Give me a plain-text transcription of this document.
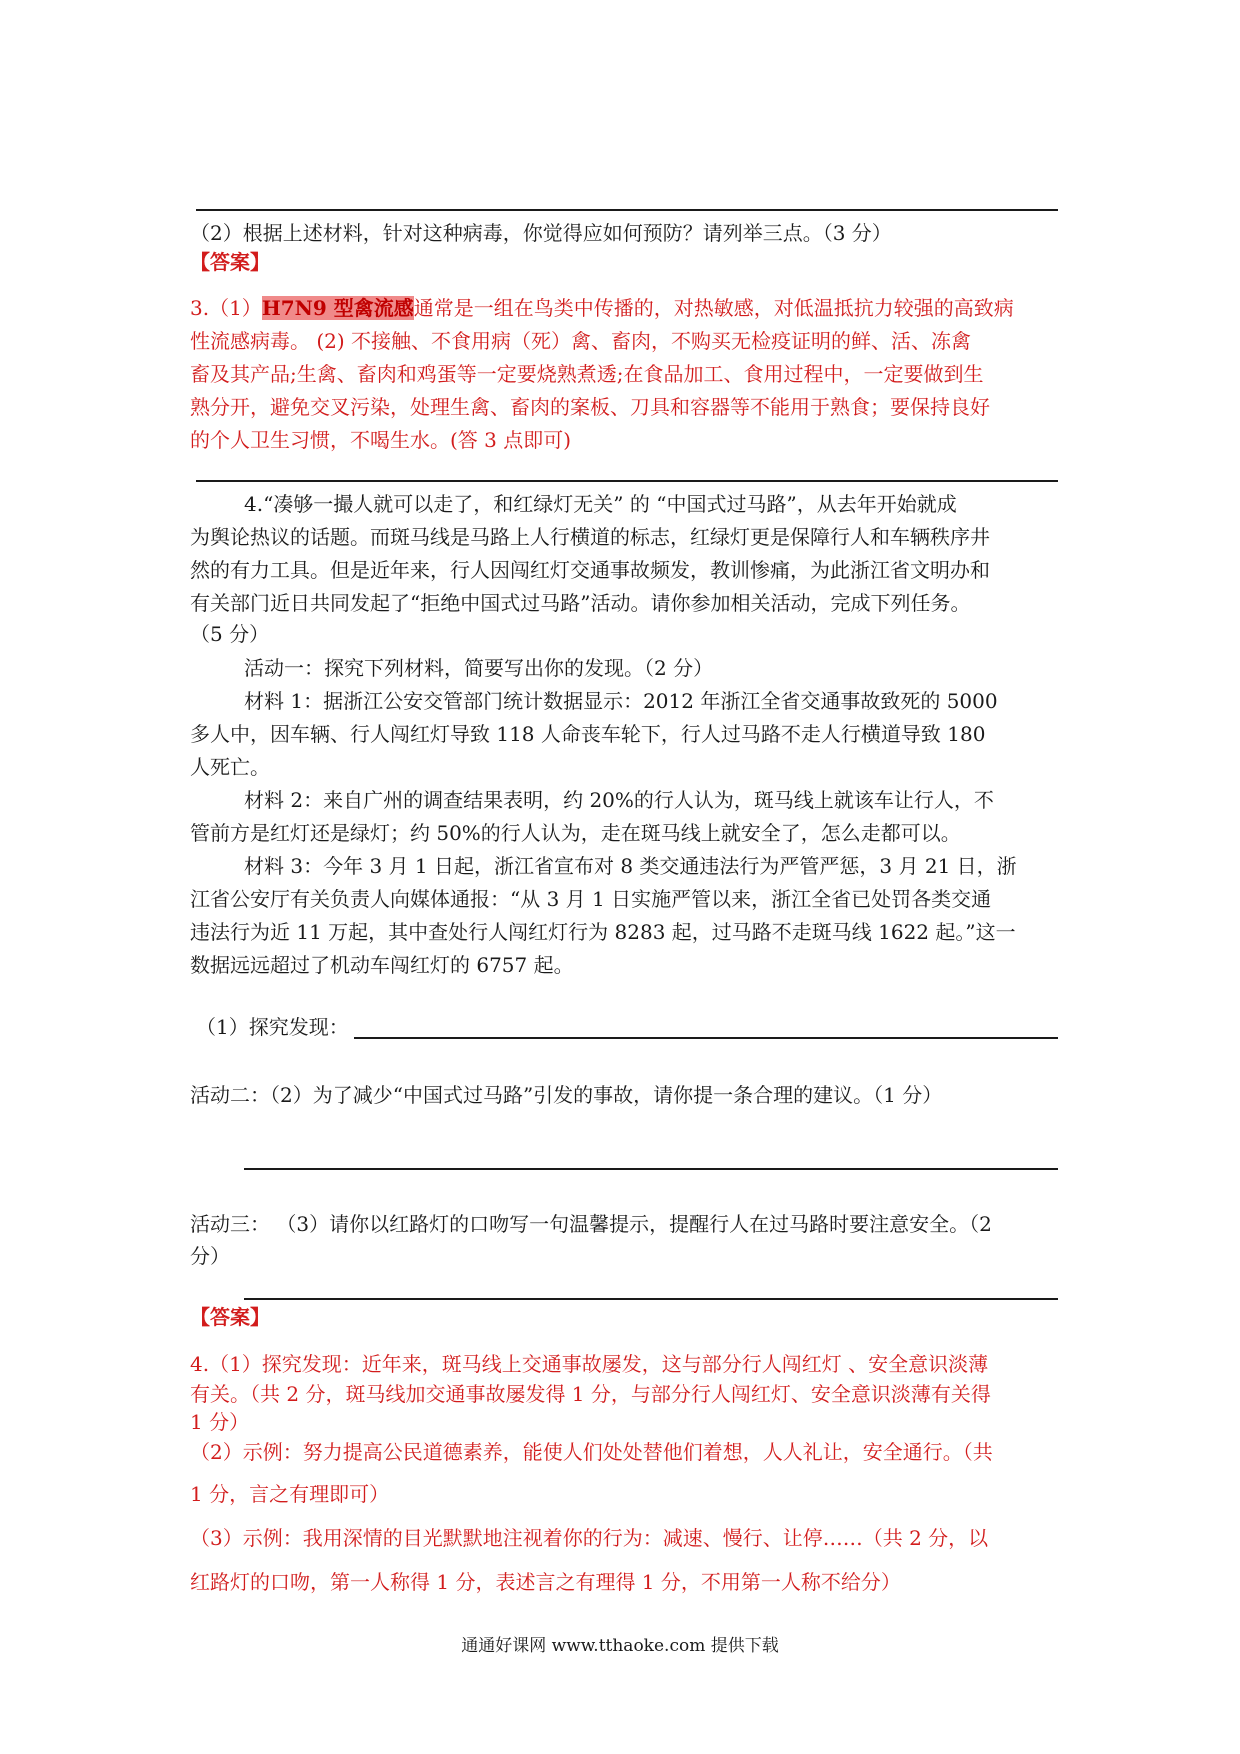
（2）根据上述材料，针对这种病毒，你觉得应如何预防？请列举三点。（3 分）
【答案】
3.（1）H7N9 型禽流感通常是一组在鸟类中传播的，对热敏感，对低温抵抗力较强的高致病
性流感病毒。 (2) 不接触、不食用病（死）禽、畜肉，不购买无检疫证明的鲜、活、冻禽
畜及其产品;生禽、畜肉和鸡蛋等一定要烧熟煮透;在食品加工、食用过程中，一定要做到生
熟分开，避免交叉污染，处理生禽、畜肉的案板、刀具和容器等不能用于熟食；要保持良好
的个人卫生习惯，不喝生水。(答 3 点即可)
4.“凑够一撮人就可以走了，和红绿灯无关” 的 “中国式过马路”，从去年开始就成
为舆论热议的话题。而斑马线是马路上人行横道的标志，红绿灯更是保障行人和车辆秩序井
然的有力工具。但是近年来，行人因闯红灯交通事故频发，教训惨痛，为此浙江省文明办和
有关部门近日共同发起了“拒绝中国式过马路”活动。请你参加相关活动，完成下列任务。
（5 分）
活动一：探究下列材料，简要写出你的发现。（2 分）
材料 1：据浙江公安交管部门统计数据显示：2012 年浙江全省交通事故致死的 5000
多人中，因车辆、行人闯红灯导致 118 人命丧车轮下，行人过马路不走人行横道导致 180
人死亡。
材料 2：来自广州的调查结果表明，约 20%的行人认为，斑马线上就该车让行人，不
管前方是红灯还是绿灯；约 50%的行人认为，走在斑马线上就安全了，怎么走都可以。
材料 3：今年 3 月 1 日起，浙江省宣布对 8 类交通违法行为严管严惩，3 月 21 日，浙
江省公安厅有关负责人向媒体通报：“从 3 月 1 日实施严管以来，浙江全省已处罚各类交通
违法行为近 11 万起，其中查处行人闯红灯行为 8283 起，过马路不走斑马线 1622 起。”这一
数据远远超过了机动车闯红灯的 6757 起。
（1）探究发现：
活动二：（2）为了减少“中国式过马路”引发的事故，请你提一条合理的建议。（1 分）
活动三： （3）请你以红路灯的口吻写一句温馨提示，提醒行人在过马路时要注意安全。（2
分）
【答案】
4.（1）探究发现：近年来，斑马线上交通事故屡发，这与部分行人闯红灯 、安全意识淡薄
有关。（共 2 分，斑马线加交通事故屡发得 1 分，与部分行人闯红灯、安全意识淡薄有关得
1 分）
（2）示例：努力提高公民道德素养，能使人们处处替他们着想，人人礼让，安全通行。（共
1 分，言之有理即可）
（3）示例：我用深情的目光默默地注视着你的行为：减速、慢行、让停……（共 2 分，以
红路灯的口吻，第一人称得 1 分，表述言之有理得 1 分，不用第一人称不给分）
通通好课网 www.tthaoke.com 提供下载
